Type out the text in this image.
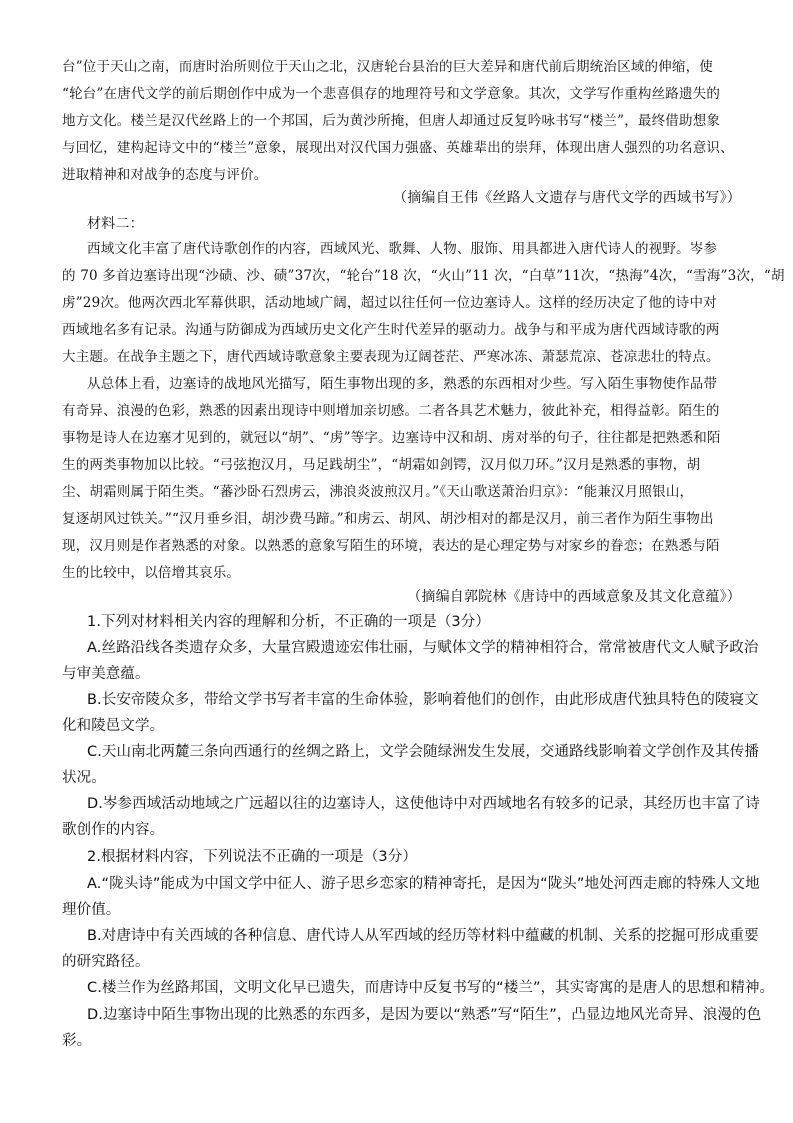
台”位于天山之南，而唐时治所则位于天山之北，汉唐轮台县治的巨大差异和唐代前后期统治区域的伸缩，使
“轮台”在唐代文学的前后期创作中成为一个悲喜俱存的地理符号和文学意象。其次，文学写作重构丝路遗失的
地方文化。楼兰是汉代丝路上的一个邦国，后为黄沙所掩，但唐人却通过反复吟咏书写“楼兰”，最终借助想象
与回忆，建构起诗文中的“楼兰”意象，展现出对汉代国力强盛、英雄辈出的崇拜，体现出唐人强烈的功名意识、
进取精神和对战争的态度与评价。
（摘编自王伟《丝路人文遗存与唐代文学的西域书写》）
材料二：
西域文化丰富了唐代诗歌创作的内容，西域风光、歌舞、人物、服饰、用具都进入唐代诗人的视野。岑参
的 70 多首边塞诗出现“沙碛、沙、碛”37次，“轮台”18 次，“火山”11 次，“白草”11次，“热海”4次，“雪海”3次，“胡
虏”29次。他两次西北军幕供职，活动地域广阔，超过以往任何一位边塞诗人。这样的经历决定了他的诗中对
西域地名多有记录。沟通与防御成为西域历史文化产生时代差异的驱动力。战争与和平成为唐代西域诗歌的两
大主题。在战争主题之下，唐代西域诗歌意象主要表现为辽阔苍茫、严寒冰冻、萧瑟荒凉、苍凉悲壮的特点。
从总体上看，边塞诗的战地风光描写，陌生事物出现的多，熟悉的东西相对少些。写入陌生事物使作品带
有奇异、浪漫的色彩，熟悉的因素出现诗中则增加亲切感。二者各具艺术魅力，彼此补充，相得益彰。陌生的
事物是诗人在边塞才见到的，就冠以“胡”、“虏”等字。边塞诗中汉和胡、虏对举的句子，往往都是把熟悉和陌
生的两类事物加以比较。“弓弦抱汉月，马足践胡尘”，“胡霜如剑锷，汉月似刀环。”汉月是熟悉的事物，胡
尘、胡霜则属于陌生类。“蕃沙卧石烈虏云，沸浪炎波煎汉月。”《天山歌送萧治归京》：“能兼汉月照银山，
复逐胡风过铁关。”“汉月垂乡泪，胡沙费马蹄。”和虏云、胡风、胡沙相对的都是汉月，前三者作为陌生事物出
现，汉月则是作者熟悉的对象。以熟悉的意象写陌生的环境，表达的是心理定势与对家乡的眷恋；在熟悉与陌
生的比较中，以倍增其哀乐。
（摘编自郭院林《唐诗中的西域意象及其文化意蕴》）
1.下列对材料相关内容的理解和分析，不正确的一项是（3分）
A.丝路沿线各类遗存众多，大量宫殿遗迹宏伟壮丽，与赋体文学的精神相符合，常常被唐代文人赋予政治
与审美意蕴。
B.长安帝陵众多，带给文学书写者丰富的生命体验，影响着他们的创作，由此形成唐代独具特色的陵寝文
化和陵邑文学。
C.天山南北两麓三条向西通行的丝绸之路上，文学会随绿洲发生发展，交通路线影响着文学创作及其传播
状况。
D.岑参西域活动地域之广远超以往的边塞诗人，这使他诗中对西域地名有较多的记录，其经历也丰富了诗
歌创作的内容。
2.根据材料内容，下列说法不正确的一项是（3分）
A.“陇头诗”能成为中国文学中征人、游子思乡恋家的精神寄托，是因为“陇头”地处河西走廊的特殊人文地
理价值。
B.对唐诗中有关西域的各种信息、唐代诗人从军西域的经历等材料中蕴藏的机制、关系的挖掘可形成重要
的研究路径。
C.楼兰作为丝路邦国，文明文化早已遗失，而唐诗中反复书写的“楼兰”，其实寄寓的是唐人的思想和精神。
D.边塞诗中陌生事物出现的比熟悉的东西多，是因为要以“熟悉”写“陌生”，凸显边地风光奇异、浪漫的色
彩。
